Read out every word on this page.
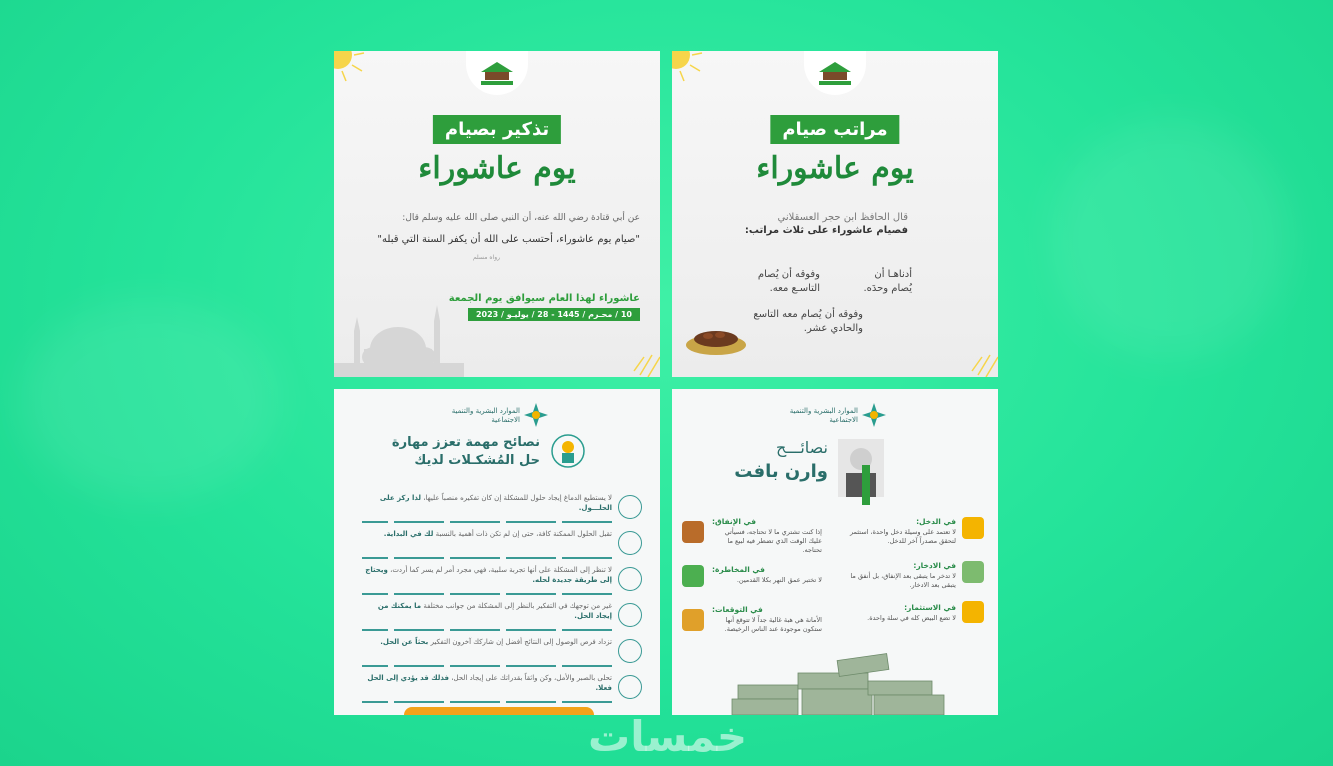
تذكير بصيام
يوم عاشوراء
عن أبي قتادة رضي الله عنه، أن النبي صلى الله عليه وسلم قال:
"صيام يوم عاشوراء، أحتسب على الله أن يكفر السنة التي قبله"
رواه مسلم
عاشوراء لهذا العام سيوافق يوم الجمعة
10 / محـرم / 1445 - 28 / يوليـو / 2023
مراتب صيام
يوم عاشوراء
قال الحافظ ابن حجر العسقلاني
فصيام عاشوراء على ثلاث مراتب:
أدناهـا أن يُصام وحدَه.
وفوقه أن يُصام التاسـع معه.
وفوقه أن يُصام معه التاسع والحادي عشر.
الموارد البشرية والتنمية الاجتماعية
نصائح مهمة تعزز مهارة
حل المُشكـلات لديك
لا يستطيع الدماغ إيجاد حلول للمشكلة إن كان تفكيره منصباً عليها، لذا ركز على الحلـــول.
تقبل الحلول الممكنة كافة، حتى إن لم تكن ذات أهمية بالنسبة لك في البداية.
لا تنظر إلى المشكلة على أنها تجربة سلبية، فهي مجرد أمر لم يسر كما أردت، ويحتاج إلى طريقة جديدة لحله.
غير من توجهك في التفكير بالنظر إلى المشكلة من جوانب مختلفة ما يمكنك من إيجاد الحل.
تزداد فرص الوصول إلى النتائج أفضل إن شاركك آخرون التفكير بحثاً عن الحل.
تحلى بالصبر والأمل، وكن واثقاً بقدراتك على إيجاد الحل، فذلك قد يؤدي إلى الحل فعلا.
الموارد البشرية والتنمية الاجتماعية
نصائـــح
وارن بافت
في الدخل:
لا تعتمد على وسيلة دخل واحدة، استثمر لتحقق مصدراً آخر للدخل.
في الإنفاق:
إذا كنت تشتري ما لا تحتاجه، فسيأتي عليك الوقت الذي تضطر فيه لبيع ما تحتاجه.
في الادخار:
لا تدخر ما يتبقى بعد الإنفاق، بل أنفق ما يتبقى بعد الادخار.
في المخاطرة:
لا تختبر عمق النهر بكلا القدمين.
في الاستثمار:
لا تضع البيض كله في سلة واحدة.
في التوقعات:
الأمانة هي هبة غالية جداً لا تتوقع أنها ستكون موجودة عند الناس الرخيصة.
خمسات
